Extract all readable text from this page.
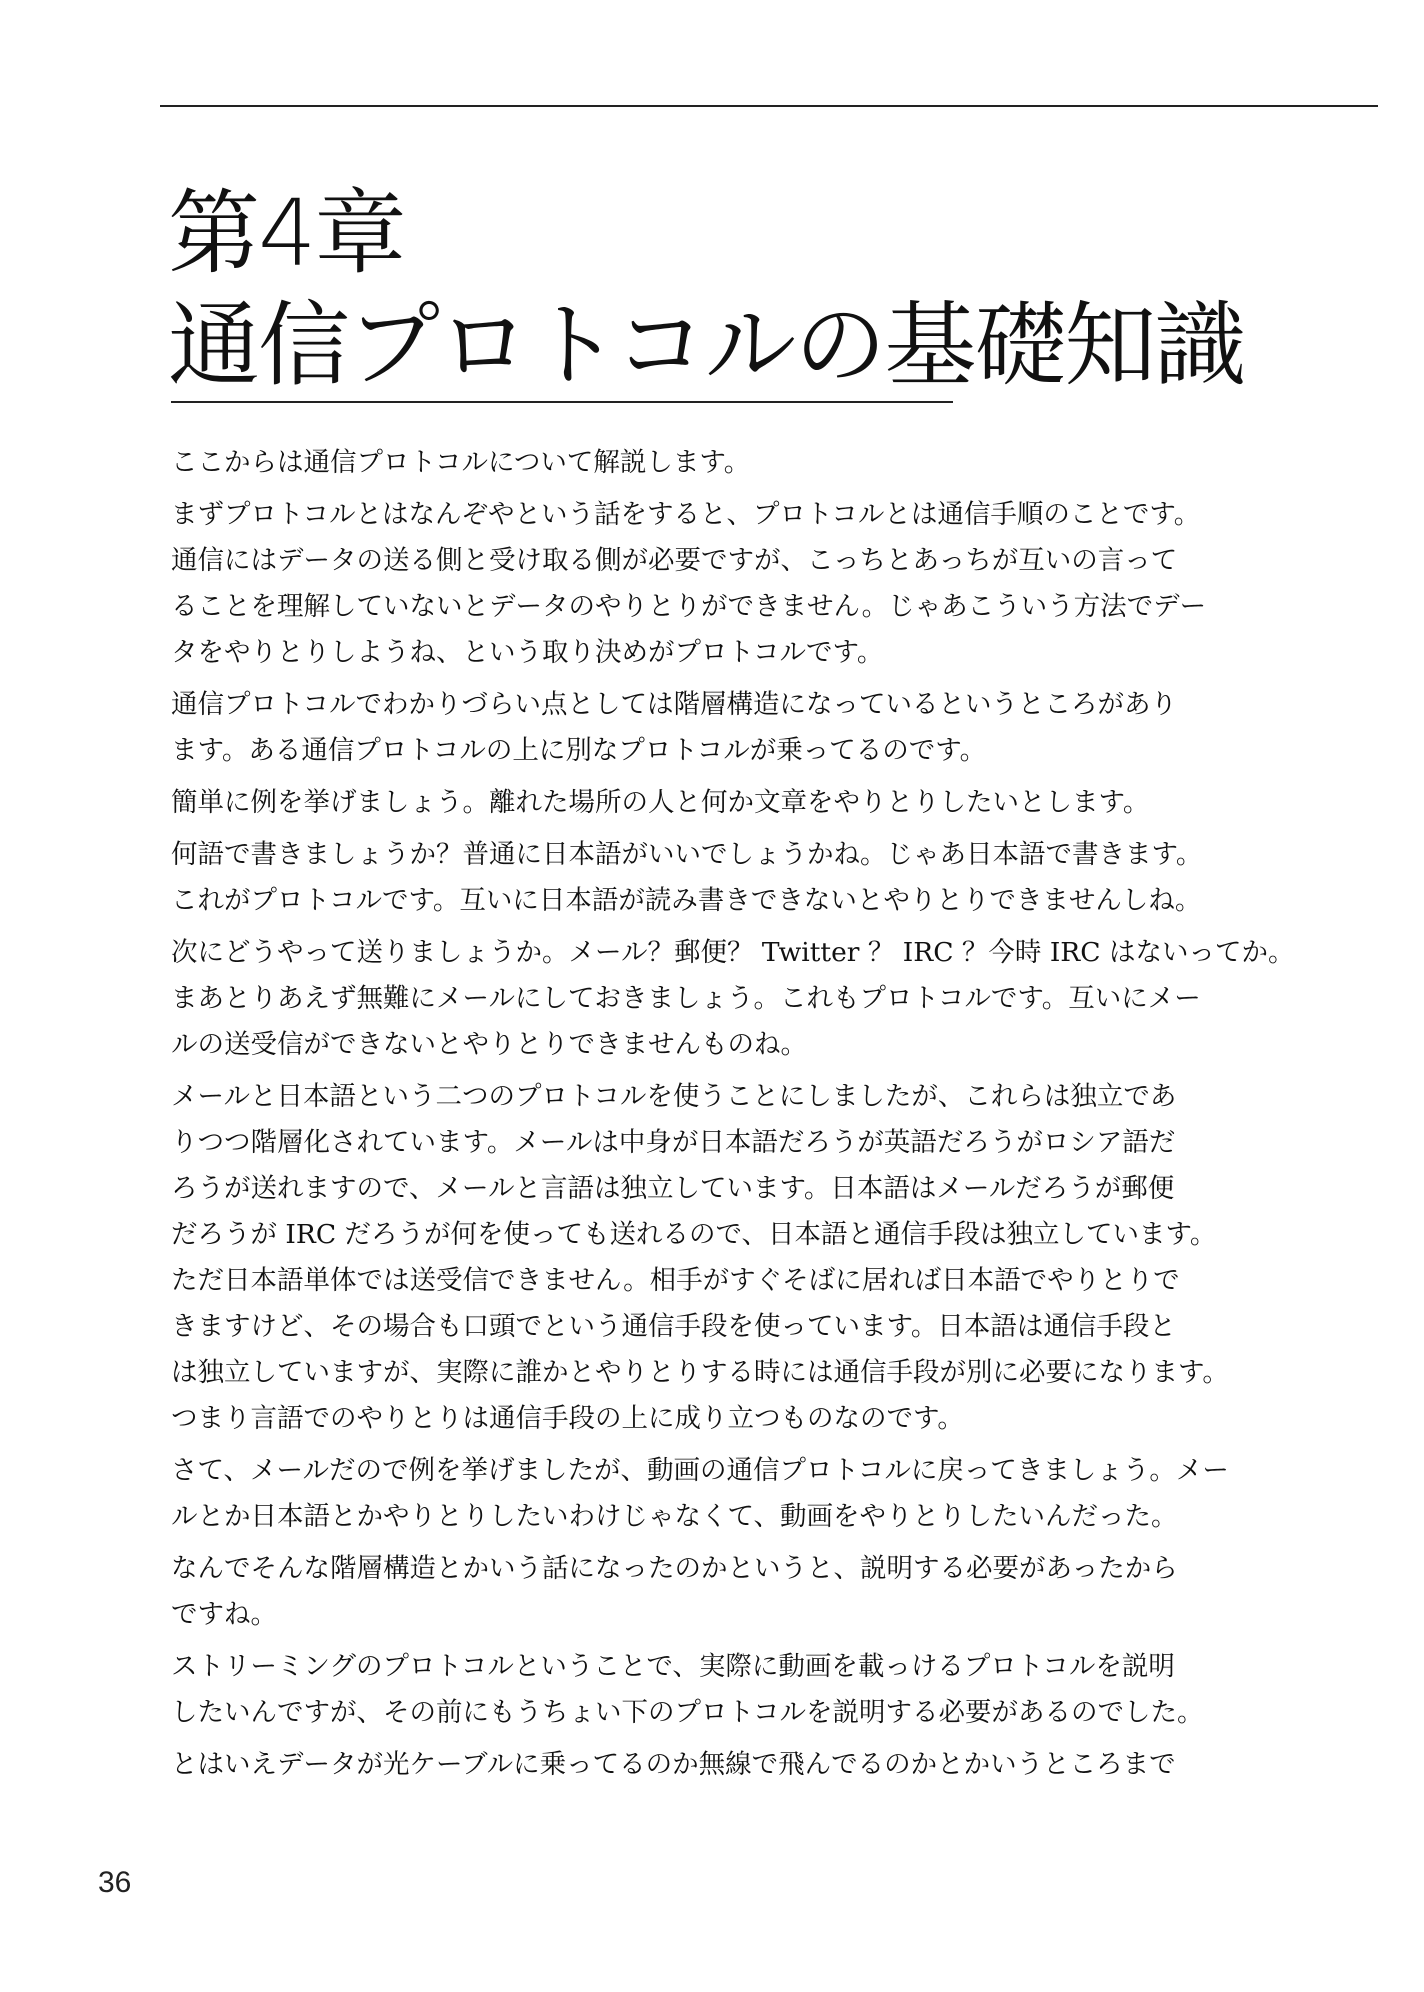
第4章
通信プロトコルの基礎知識
ここからは通信プロトコルについて解説します。
まずプロトコルとはなんぞやという話をすると、プロトコルとは通信手順のことです。
通信にはデータの送る側と受け取る側が必要ですが、こっちとあっちが互いの言って
ることを理解していないとデータのやりとりができません。じゃあこういう方法でデー
タをやりとりしようね、という取り決めがプロトコルです。
通信プロトコルでわかりづらい点としては階層構造になっているというところがあり
ます。ある通信プロトコルの上に別なプロトコルが乗ってるのです。
簡単に例を挙げましょう。離れた場所の人と何か文章をやりとりしたいとします。
何語で書きましょうか？普通に日本語がいいでしょうかね。じゃあ日本語で書きます。
これがプロトコルです。互いに日本語が読み書きできないとやりとりできませんしね。
次にどうやって送りましょうか。メール？郵便？ Twitter ？ IRC ？今時 IRC はないってか。
まあとりあえず無難にメールにしておきましょう。これもプロトコルです。互いにメー
ルの送受信ができないとやりとりできませんものね。
メールと日本語という二つのプロトコルを使うことにしましたが、これらは独立であ
りつつ階層化されています。メールは中身が日本語だろうが英語だろうがロシア語だ
ろうが送れますので、メールと言語は独立しています。日本語はメールだろうが郵便
だろうが IRC だろうが何を使っても送れるので、日本語と通信手段は独立しています。
ただ日本語単体では送受信できません。相手がすぐそばに居れば日本語でやりとりで
きますけど、その場合も口頭でという通信手段を使っています。日本語は通信手段と
は独立していますが、実際に誰かとやりとりする時には通信手段が別に必要になります。
つまり言語でのやりとりは通信手段の上に成り立つものなのです。
さて、メールだので例を挙げましたが、動画の通信プロトコルに戻ってきましょう。メー
ルとか日本語とかやりとりしたいわけじゃなくて、動画をやりとりしたいんだった。
なんでそんな階層構造とかいう話になったのかというと、説明する必要があったから
ですね。
ストリーミングのプロトコルということで、実際に動画を載っけるプロトコルを説明
したいんですが、その前にもうちょい下のプロトコルを説明する必要があるのでした。
とはいえデータが光ケーブルに乗ってるのか無線で飛んでるのかとかいうところまで
36
